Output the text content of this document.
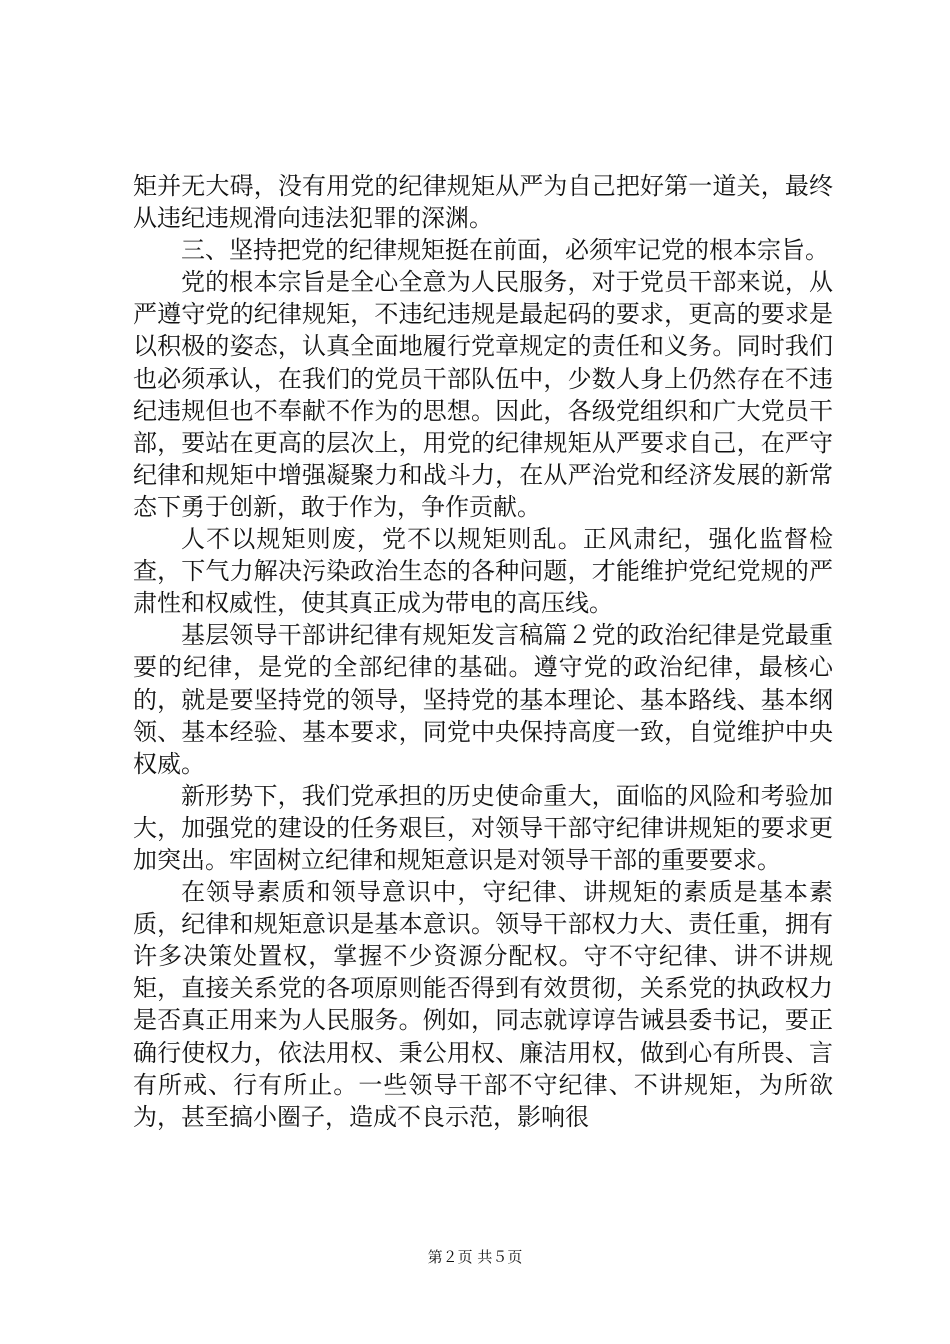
矩并无大碍，没有用党的纪律规矩从严为自己把好第一道关，最终从违纪违规滑向违法犯罪的深渊。

三、坚持把党的纪律规矩挺在前面，必须牢记党的根本宗旨。

党的根本宗旨是全心全意为人民服务，对于党员干部来说，从严遵守党的纪律规矩，不违纪违规是最起码的要求，更高的要求是以积极的姿态，认真全面地履行党章规定的责任和义务。同时我们也必须承认，在我们的党员干部队伍中，少数人身上仍然存在不违纪违规但也不奉献不作为的思想。因此，各级党组织和广大党员干部，要站在更高的层次上，用党的纪律规矩从严要求自己，在严守纪律和规矩中增强凝聚力和战斗力，在从严治党和经济发展的新常态下勇于创新，敢于作为，争作贡献。

人不以规矩则废，党不以规矩则乱。正风肃纪，强化监督检查，下气力解决污染政治生态的各种问题，才能维护党纪党规的严肃性和权威性，使其真正成为带电的高压线。

基层领导干部讲纪律有规矩发言稿篇２党的政治纪律是党最重要的纪律，是党的全部纪律的基础。遵守党的政治纪律，最核心的，就是要坚持党的领导，坚持党的基本理论、基本路线、基本纲领、基本经验、基本要求，同党中央保持高度一致，自觉维护中央权威。

新形势下，我们党承担的历史使命重大，面临的风险和考验加大，加强党的建设的任务艰巨，对领导干部守纪律讲规矩的要求更加突出。牢固树立纪律和规矩意识是对领导干部的重要要求。

在领导素质和领导意识中，守纪律、讲规矩的素质是基本素质，纪律和规矩意识是基本意识。领导干部权力大、责任重，拥有许多决策处置权，掌握不少资源分配权。守不守纪律、讲不讲规矩，直接关系党的各项原则能否得到有效贯彻，关系党的执政权力是否真正用来为人民服务。例如，同志就谆谆告诫县委书记，要正确行使权力，依法用权、秉公用权、廉洁用权，做到心有所畏、言有所戒、行有所止。一些领导干部不守纪律、不讲规矩，为所欲为，甚至搞小圈子，造成不良示范，影响很

第２页 共５页
